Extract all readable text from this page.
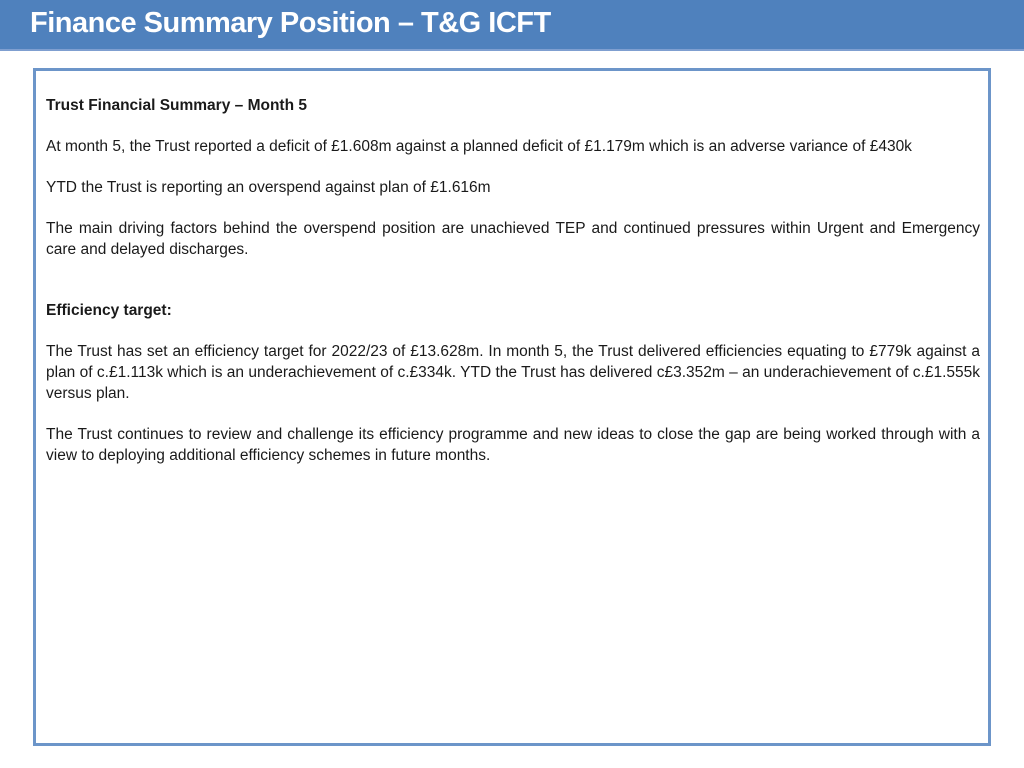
Finance Summary Position – T&G ICFT

Trust Financial Summary – Month 5

At month 5, the Trust reported a deficit of £1.608m against a planned deficit of £1.179m which is an adverse variance of £430k

YTD the Trust is reporting an overspend against plan of £1.616m

The main driving factors behind the overspend position are unachieved TEP and continued pressures within Urgent and Emergency care and delayed discharges.

Efficiency target:

The Trust has set an efficiency target for 2022/23 of £13.628m. In month 5, the Trust delivered efficiencies equating to £779k against a plan of c.£1.113k which is an underachievement of c.£334k. YTD the Trust has delivered c£3.352m – an underachievement of c.£1.555k versus plan.

The Trust continues to review and challenge its efficiency programme and new ideas to close the gap are being worked through with a view to deploying additional efficiency schemes in future months.
